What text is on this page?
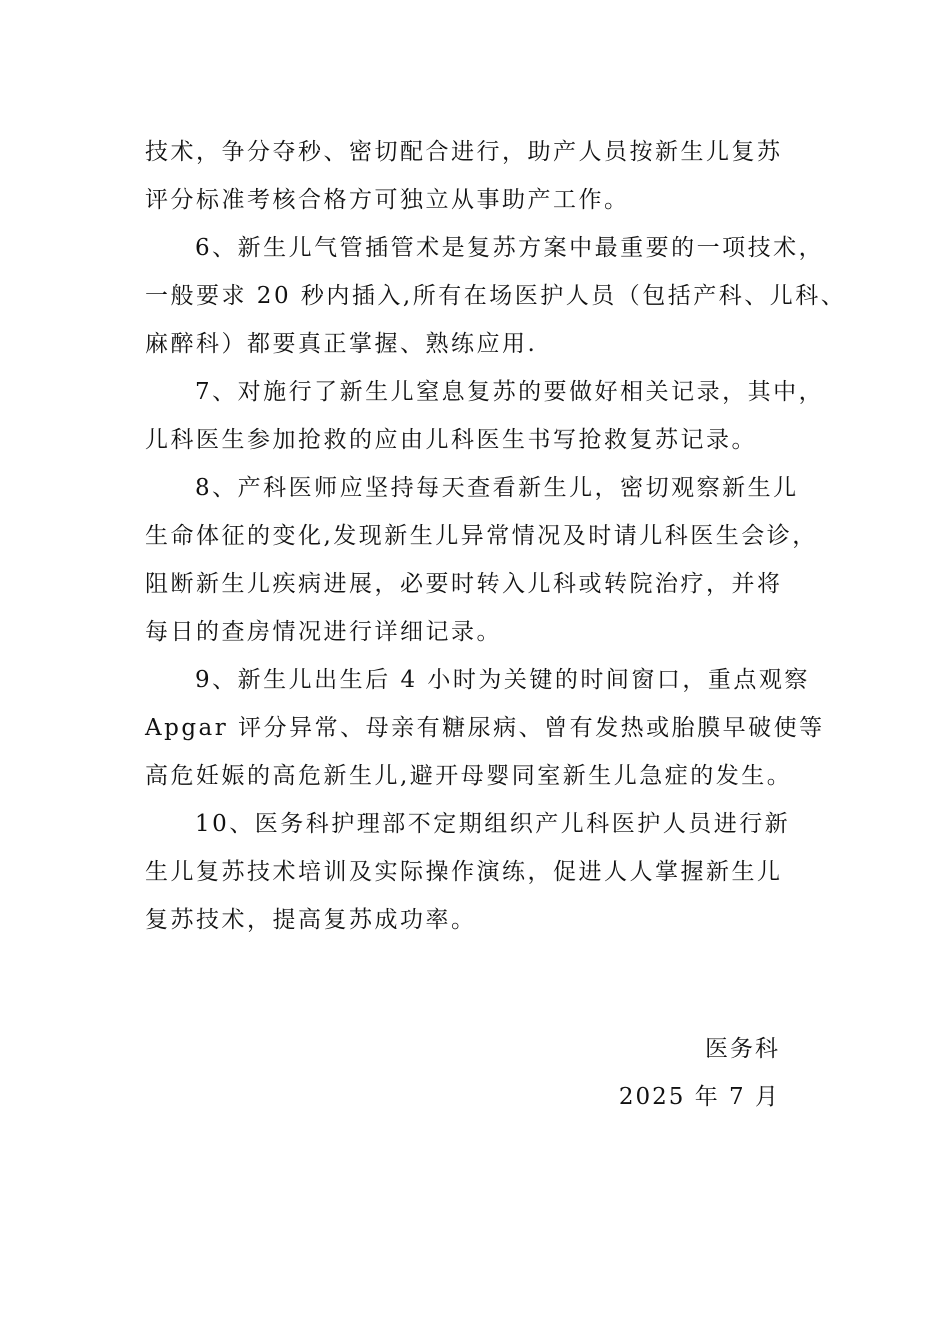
技术，争分夺秒、密切配合进行，助产人员按新生儿复苏
评分标准考核合格方可独立从事助产工作。
6、新生儿气管插管术是复苏方案中最重要的一项技术，
一般要求 20 秒内插入,所有在场医护人员（包括产科、儿科、
麻醉科）都要真正掌握、熟练应用.
7、对施行了新生儿窒息复苏的要做好相关记录，其中，
儿科医生参加抢救的应由儿科医生书写抢救复苏记录。
8、产科医师应坚持每天查看新生儿，密切观察新生儿
生命体征的变化,发现新生儿异常情况及时请儿科医生会诊，
阻断新生儿疾病进展，必要时转入儿科或转院治疗，并将
每日的查房情况进行详细记录。
9、新生儿出生后 4 小时为关键的时间窗口，重点观察
Apgar 评分异常、母亲有糖尿病、曾有发热或胎膜早破使等
高危妊娠的高危新生儿,避开母婴同室新生儿急症的发生。
10、医务科护理部不定期组织产儿科医护人员进行新
生儿复苏技术培训及实际操作演练，促进人人掌握新生儿
复苏技术，提高复苏成功率。
医务科
2025 年 7 月
